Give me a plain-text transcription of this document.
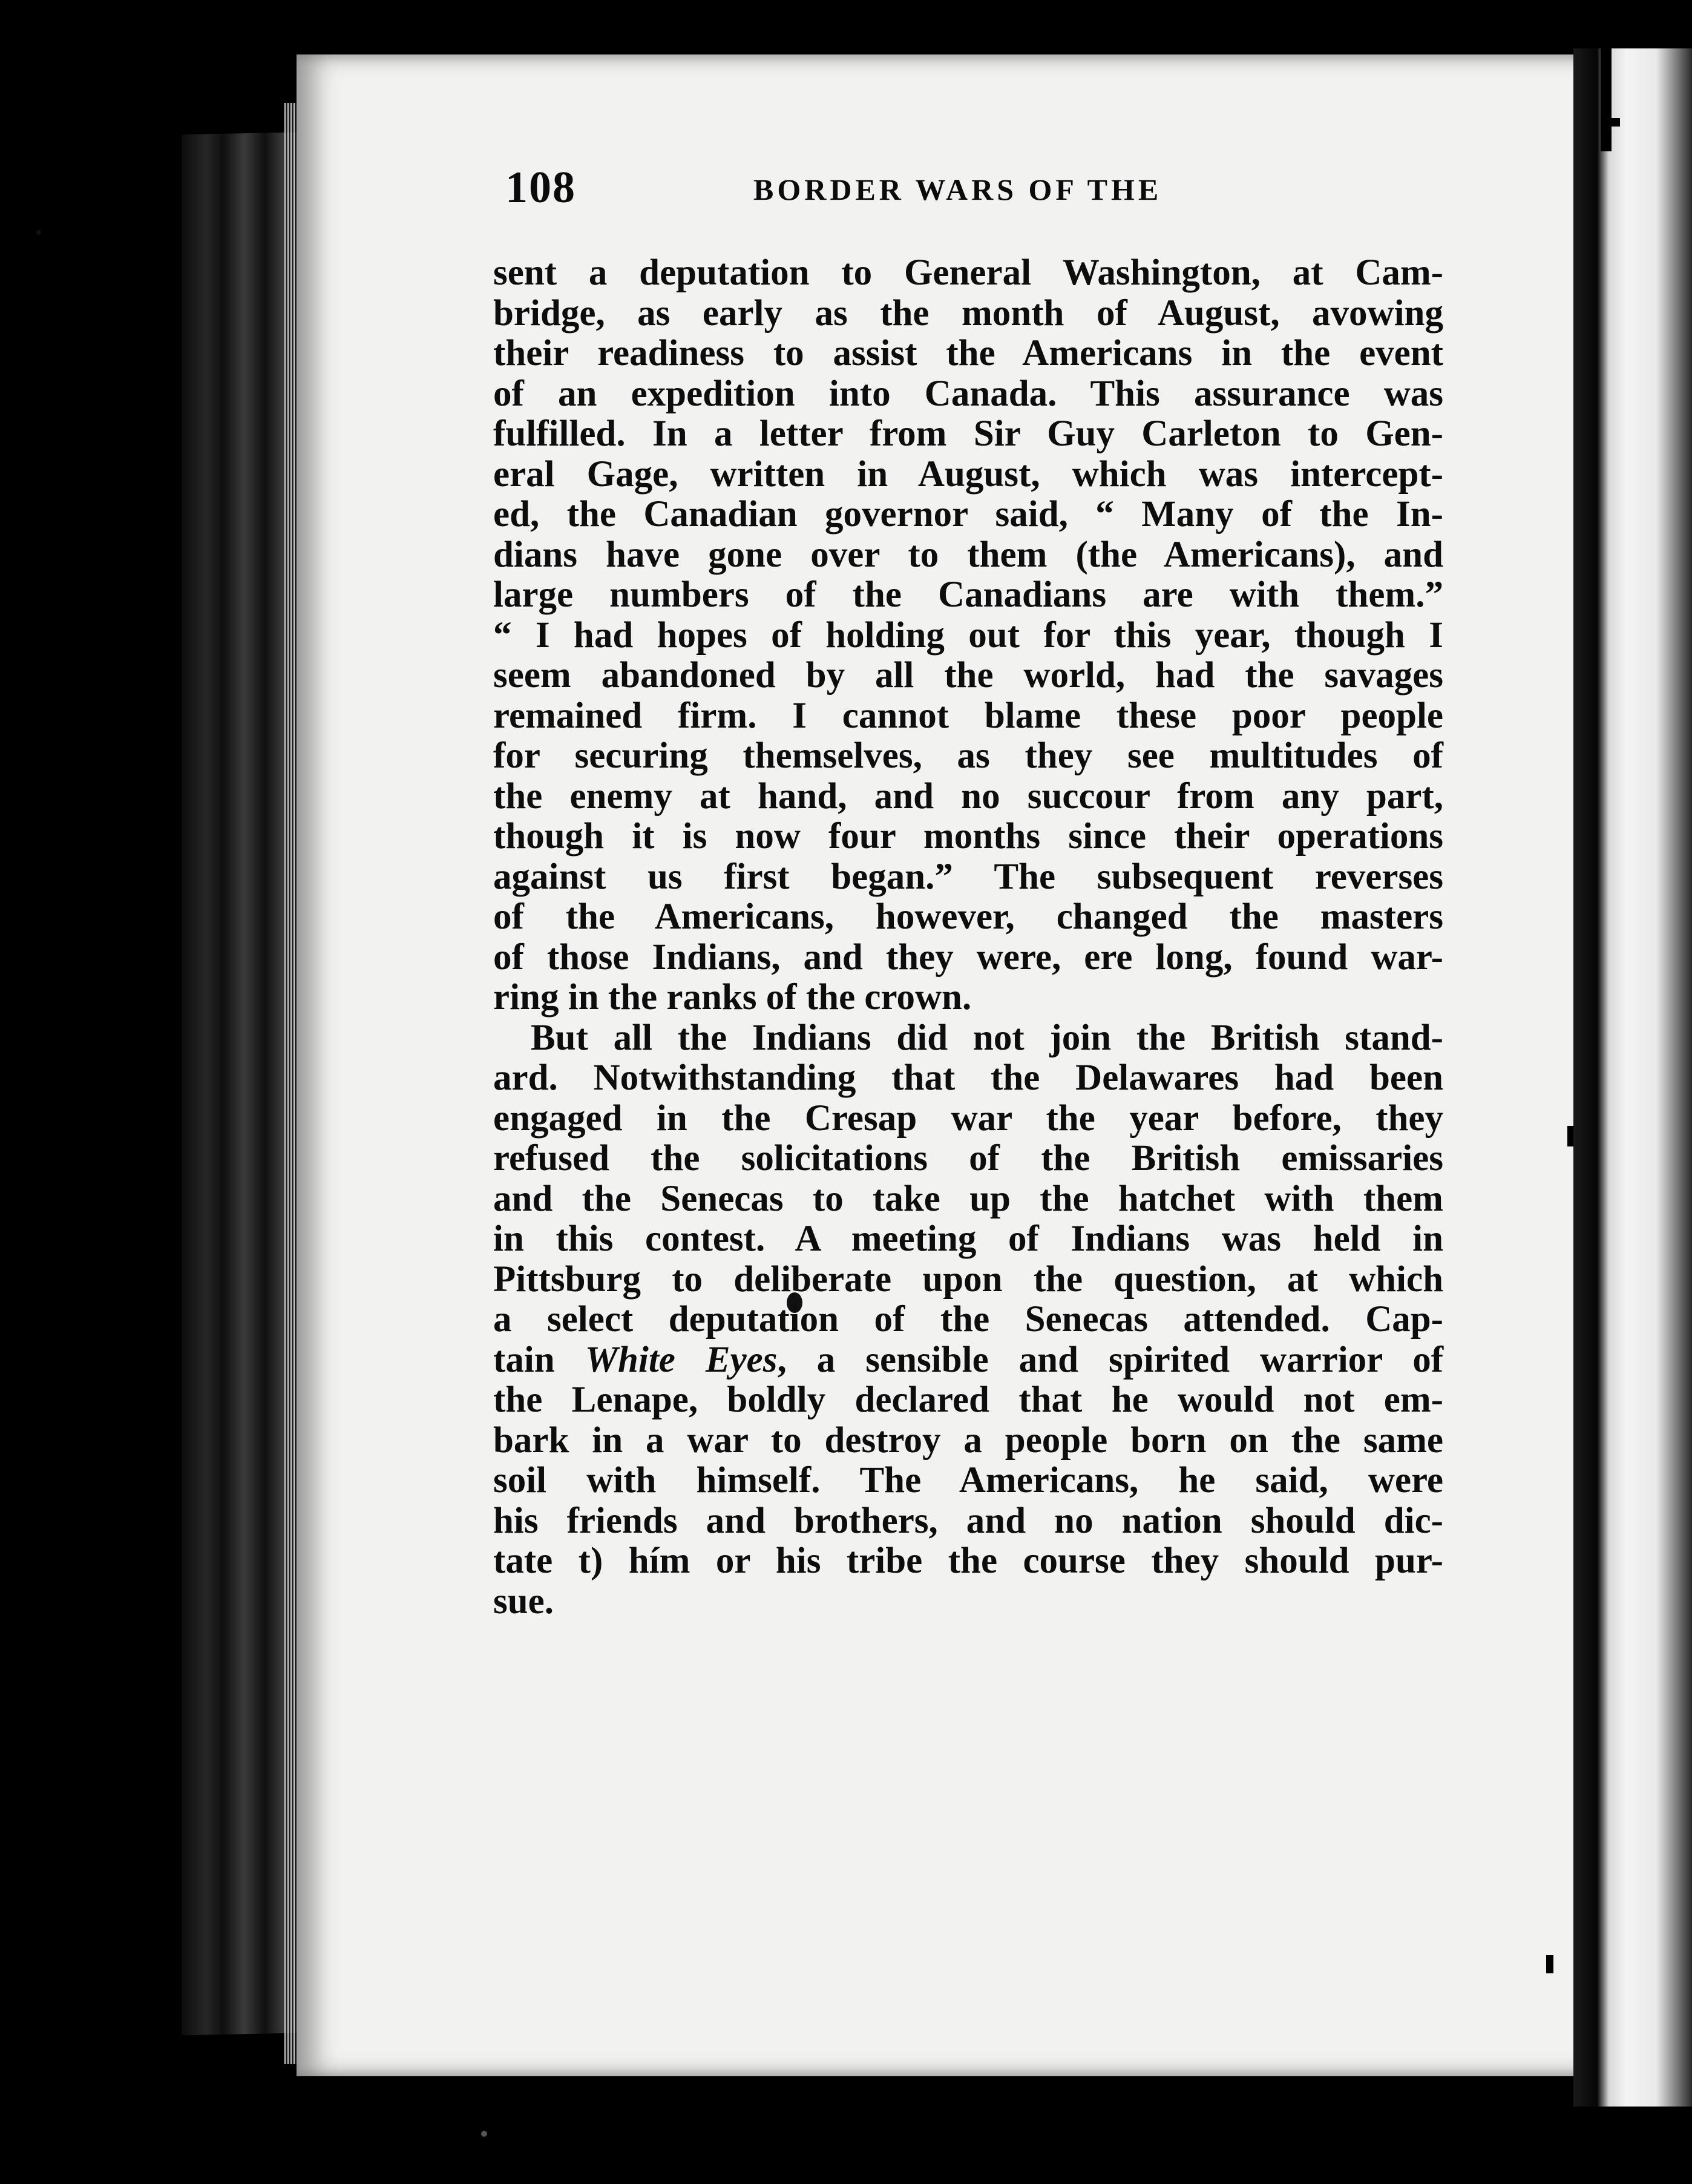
108	BORDER WARS OF THE
sent a deputation to General Washington, at Cam-
bridge, as early as the month of August, avowing
their readiness to assist the Americans in the event
of an expedition into Canada. This assurance was
fulfilled. In a letter from Sir Guy Carleton to Gen-
eral Gage, written in August, which was intercept-
ed, the Canadian governor said, “ Many of the In-
dians have gone over to them (the Americans), and
large numbers of the Canadians are with them.”
“ I had hopes of holding out for this year, though I
seem abandoned by all the world, had the savages
remained firm. I cannot blame these poor people
for securing themselves, as they see multitudes of
the enemy at hand, and no succour from any part,
though it is now four months since their operations
against us first began.” The subsequent reverses
of the Americans, however, changed the masters
of those Indians, and they were, ere long, found war-
ring in the ranks of the crown.
But all the Indians did not join the British stand-
ard. Notwithstanding that the Delawares had been
engaged in the Cresap war the year before, they
refused the solicitations of the British emissaries
and the Senecas to take up the hatchet with them
in this contest. A meeting of Indians was held in
Pittsburg to deliberate upon the question, at which
a select deputation of the Senecas attended. Cap-
tain White Eyes, a sensible and spirited warrior of
the Lenape, boldly declared that he would not em-
bark in a war to destroy a people born on the same
soil with himself. The Americans, he said, were
his friends and brothers, and no nation should dic-
tate t) hím or his tribe the course they should pur-
sue.
